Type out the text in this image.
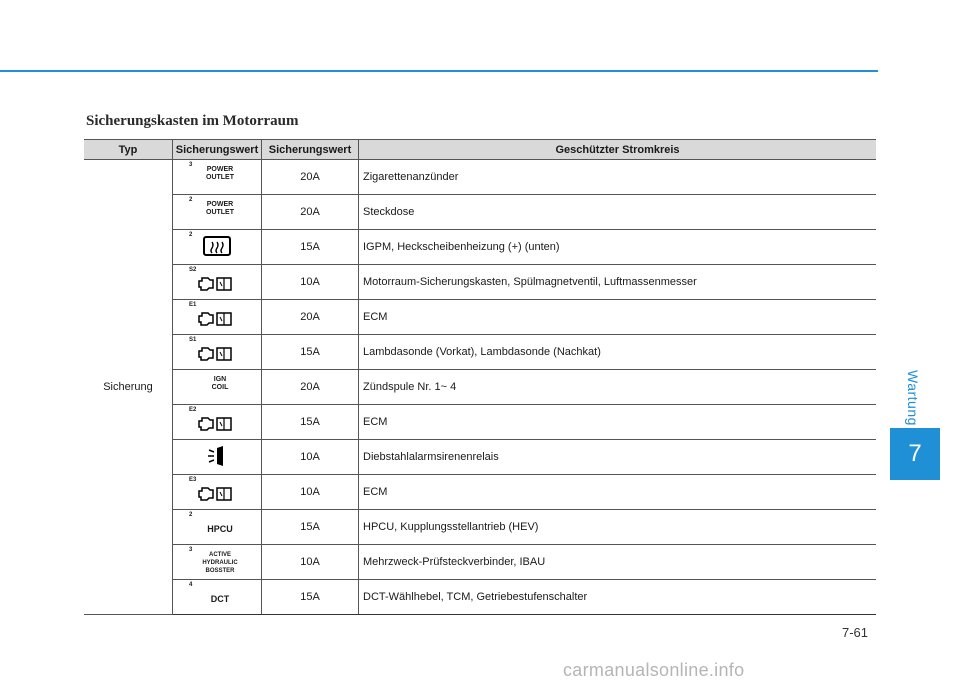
Sicherungskasten im Motorraum
Typ	Sicherungswert	Sicherungswert	Geschützter Stromkreis
Sicherung	3
POWER
OUTLET	20A	Zigarettenanzünder

	2
POWER
OUTLET	20A	Steckdose

	2	15A	IGPM, Heckscheibenheizung (+) (unten)

	S2	10A	Motorraum-Sicherungskasten, Spülmagnetventil, Luftmassenmesser

	E1	20A	ECM

	S1	15A	Lambdasonde (Vorkat), Lambdasonde (Nachkat)

	IGN
COIL	20A	Zündspule Nr. 1~ 4

	E2	15A	ECM

	10A	Diebstahlalarmsirenenrelais

	E3	10A	ECM

	2
HPCU	15A	HPCU, Kupplungsstellantrieb (HEV)

	3
ACTIVE
HYDRAULIC
BOSSTER	10A	Mehrzweck-Prüfsteckverbinder, IBAU

	4
DCT	15A	DCT-Wählhebel, TCM, Getriebestufenschalter
Wartung
7
7-61
carmanualsonline.info
